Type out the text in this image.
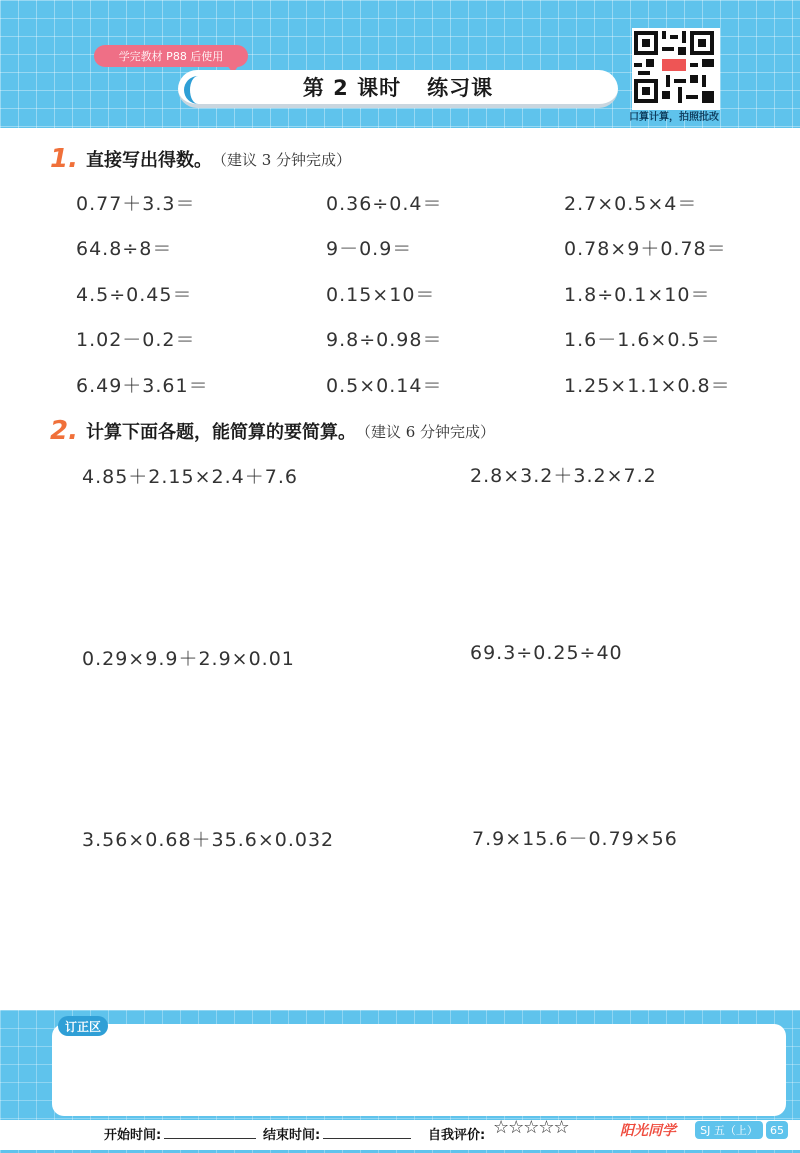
学完教材 P88 后使用
第 2 课时 练习课
口算计算，拍照批改
1. 直接写出得数。 （建议 3 分钟完成）
0.77＋3.3＝	0.36÷0.4＝	2.7×0.5×4＝
64.8÷8＝	9－0.9＝	0.78×9＋0.78＝
4.5÷0.45＝	0.15×10＝	1.8÷0.1×10＝
1.02－0.2＝	9.8÷0.98＝	1.6－1.6×0.5＝
6.49＋3.61＝	0.5×0.14＝	1.25×1.1×0.8＝
2. 计算下面各题，能简算的要简算。 （建议 6 分钟完成）
4.85＋2.15×2.4＋7.6	2.8×3.2＋3.2×7.2
0.29×9.9＋2.9×0.01	69.3÷0.25÷40
3.56×0.68＋35.6×0.032	7.9×15.6－0.79×56
订正区
开始时间:	结束时间:	自我评价: ☆☆☆☆☆	阳光同学	SJ 五（上）	65
